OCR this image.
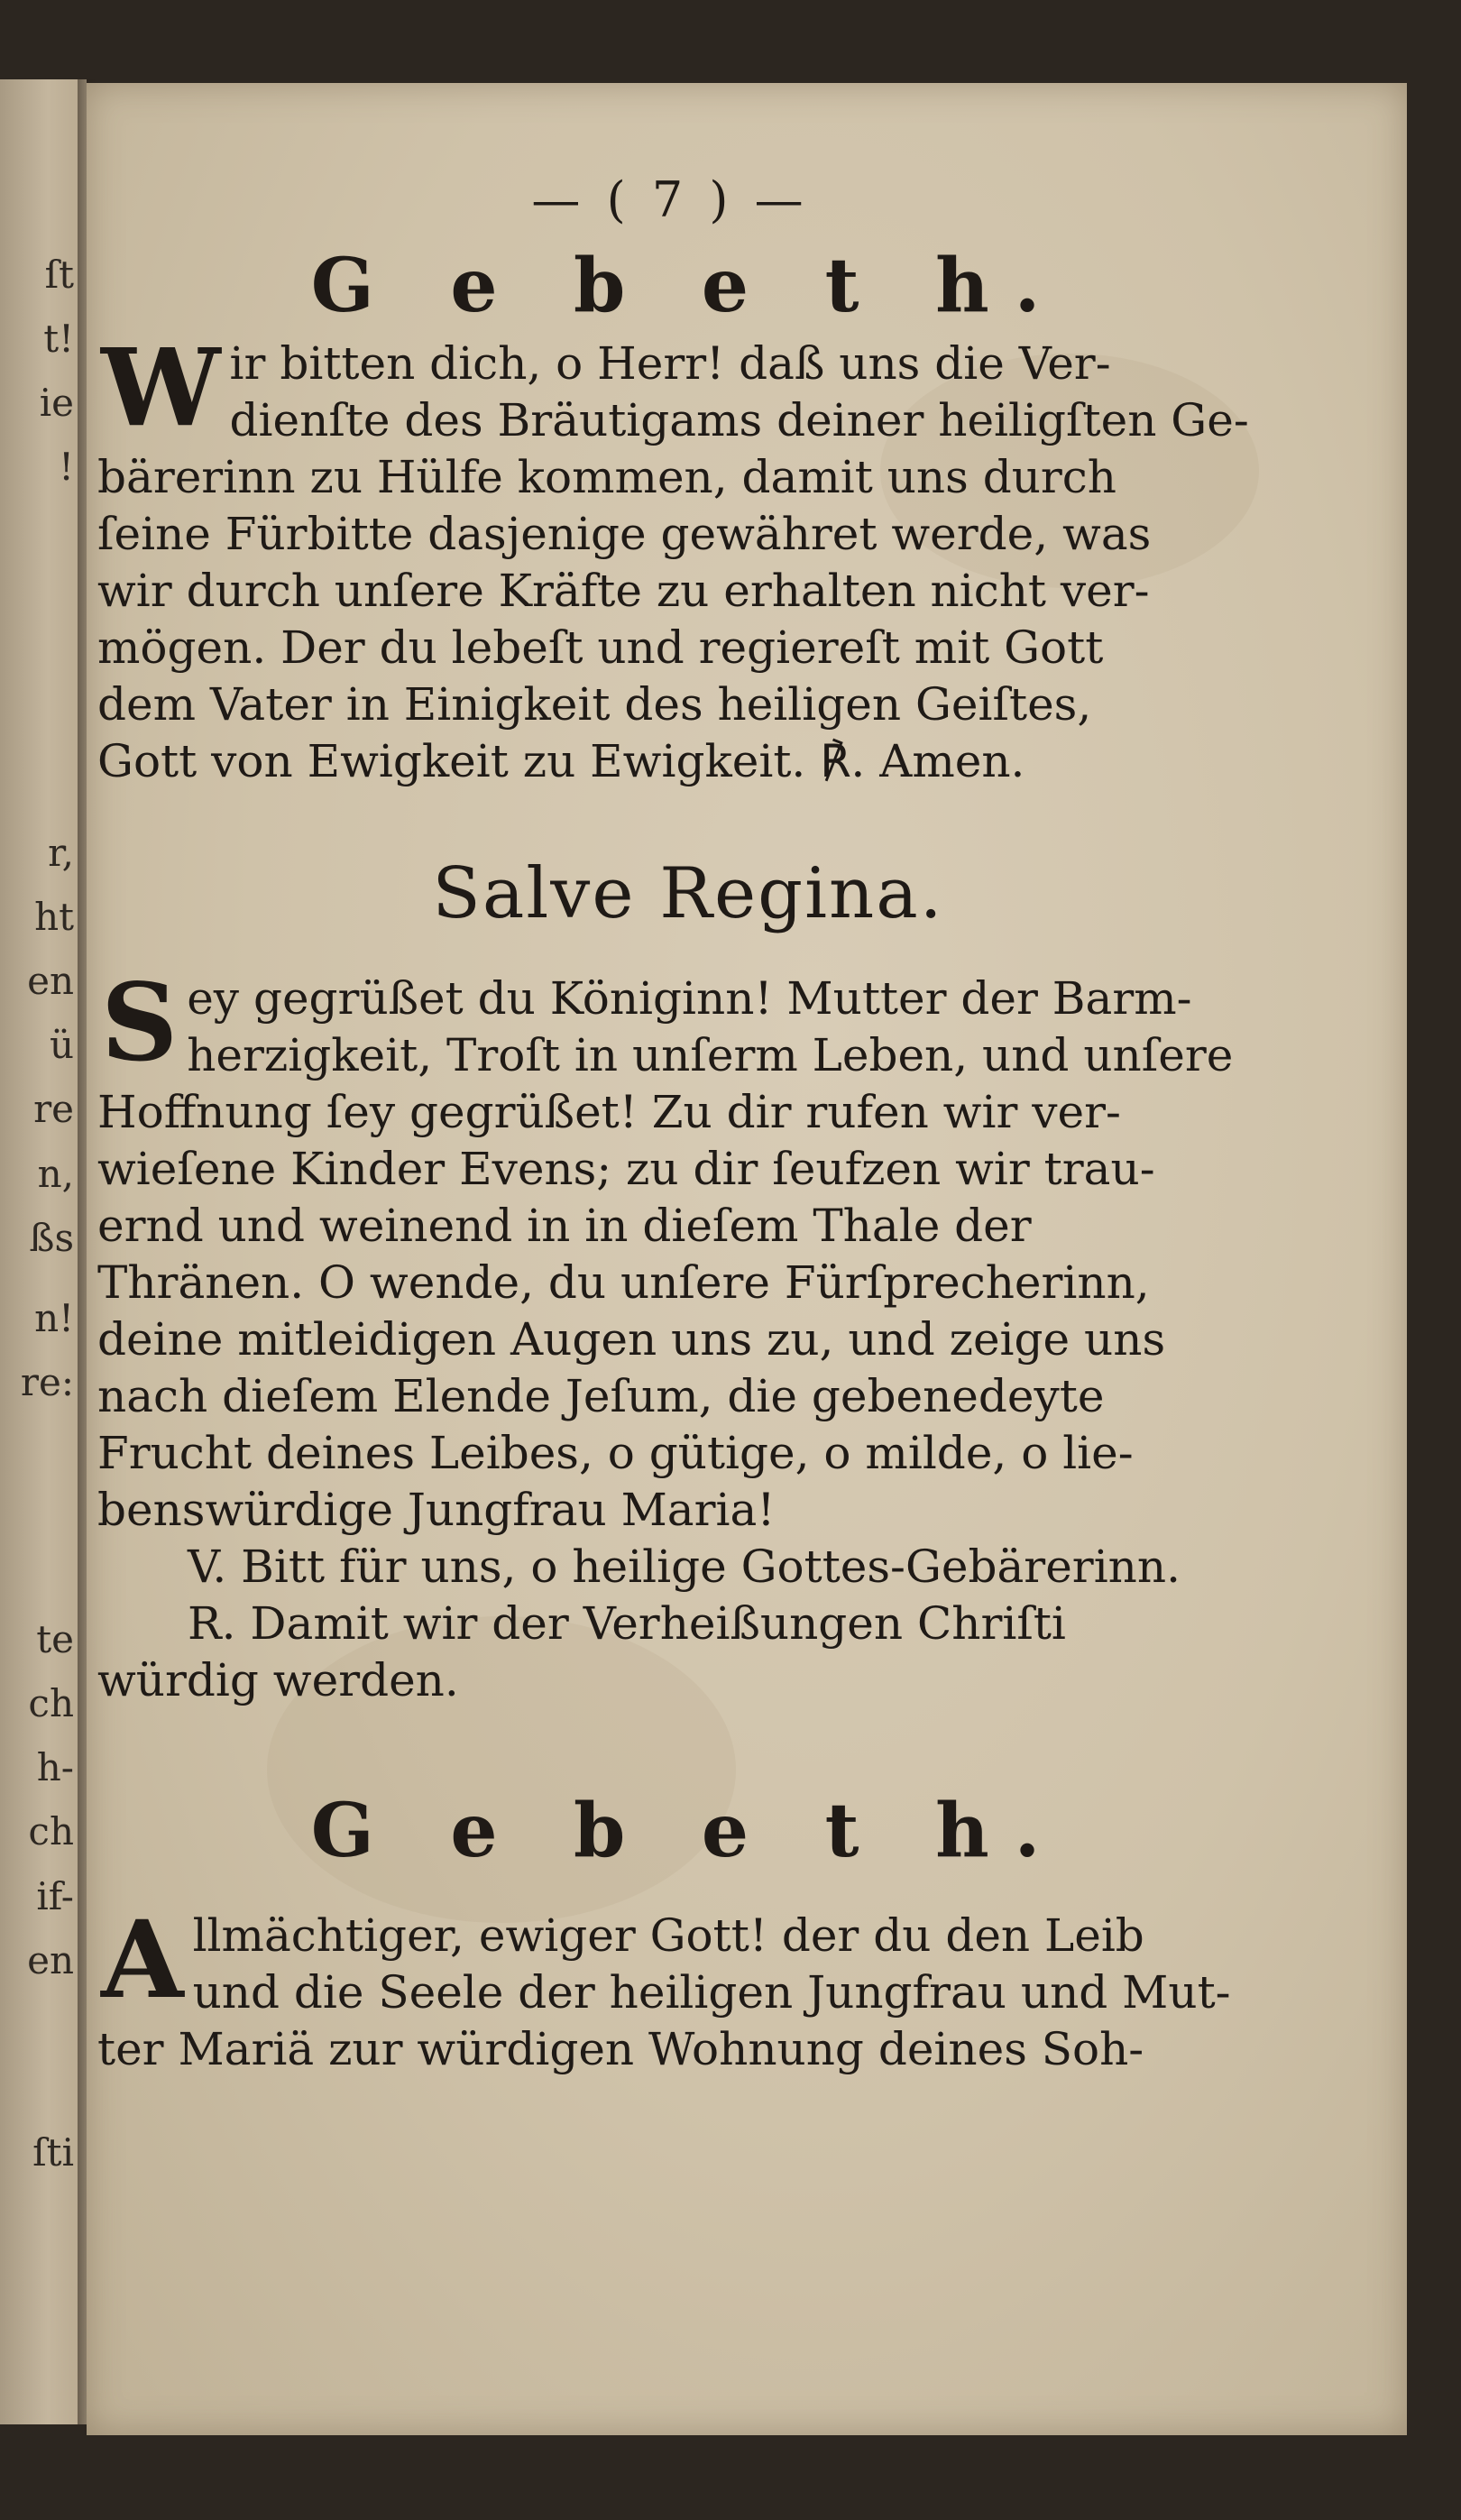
ſt
t!
ie
!
r,
ht
en
ü
re
n,
ßs
n!
re:
te
ch
h-
ch
if-
en
ſti
— ( 7 ) —
G e b e t h.
W ir bitten dich, o Herr! daß uns die Ver-
dienſte des Bräutigams deiner heiligſten Ge-
bärerinn zu Hülfe kommen, damit uns durch
ſeine Fürbitte dasjenige gewähret werde, was
wir durch unſere Kräfte zu erhalten nicht ver-
mögen. Der du lebeſt und regiereſt mit Gott
dem Vater in Einigkeit des heiligen Geiſtes,
Gott von Ewigkeit zu Ewigkeit. ℟. Amen.
Salve Regina.
S ey gegrüßet du Königinn! Mutter der Barm-
herzigkeit, Troſt in unſerm Leben, und unſere
Hoffnung ſey gegrüßet! Zu dir rufen wir ver-
wieſene Kinder Evens; zu dir ſeufzen wir trau-
ernd und weinend in in dieſem Thale der
Thränen. O wende, du unſere Fürſprecherinn,
deine mitleidigen Augen uns zu, und zeige uns
nach dieſem Elende Jeſum, die gebenedeyte
Frucht deines Leibes, o gütige, o milde, o lie-
benswürdige Jungfrau Maria!
V. Bitt für uns, o heilige Gottes-Gebärerinn.
R. Damit wir der Verheißungen Chriſti
würdig werden.
G e b e t h.
A llmächtiger, ewiger Gott! der du den Leib
und die Seele der heiligen Jungfrau und Mut-
ter Mariä zur würdigen Wohnung deines Soh-
